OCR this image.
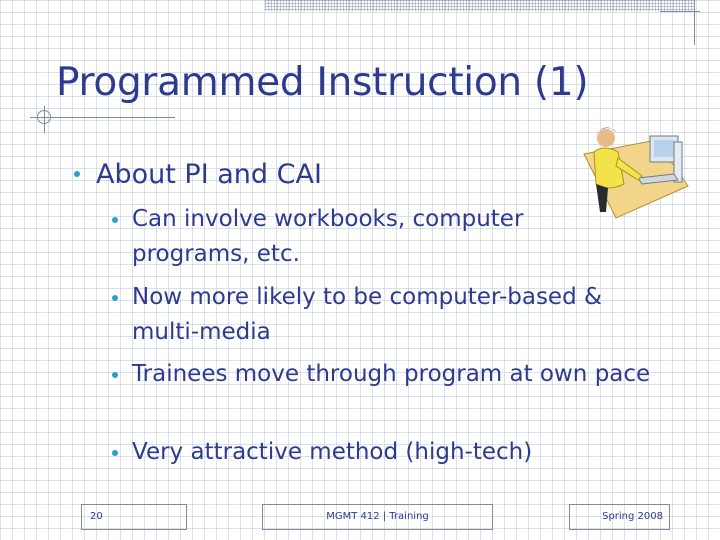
Programmed Instruction (1)
About PI and CAI
Can involve workbooks, computer programs, etc.
Now more likely to be computer-based & multi-media
Trainees move through program at own pace
Very attractive method (high-tech)
20	MGMT 412 | Training	Spring 2008
